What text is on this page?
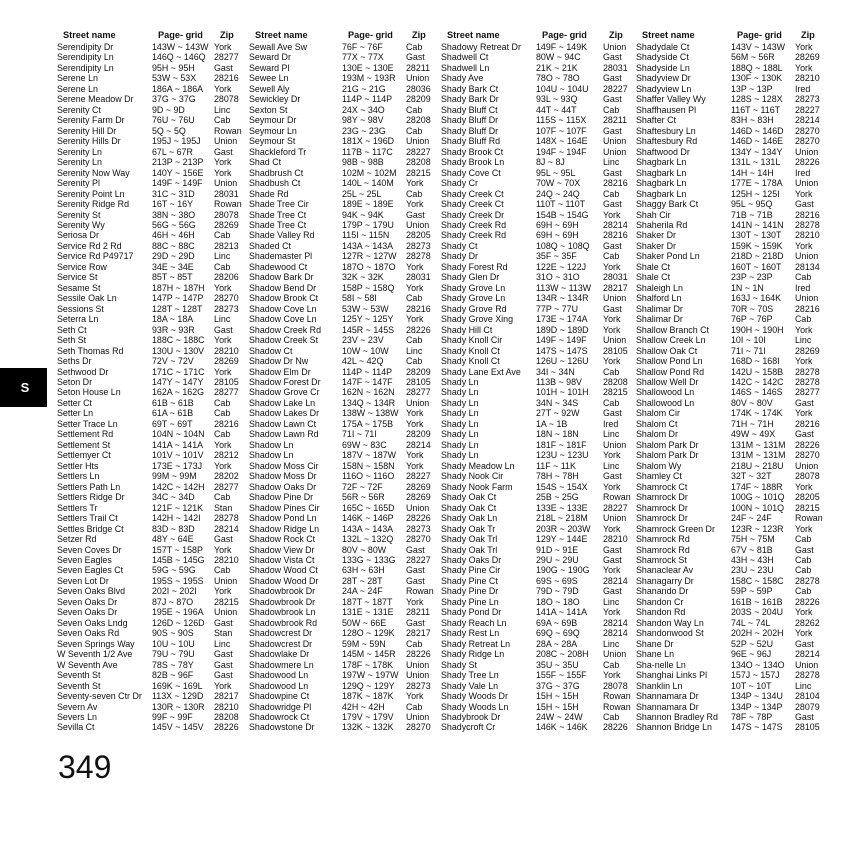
Street name	Page- grid	Zip
Serendipity Dr	143W ~ 143W York
Serendipity Ln	146Q ~ 146Q 28277
Serendipity Ln	95H ~ 95H	Gast
Serene Ln	53W ~ 53X	28216
Serene Ln	186A ~ 186A	York
Serene Meadow Dr	37G ~ 37G	28078
Serenity Ct	9D ~ 9D	Linc
Serenity Farm Dr	76U ~ 76U	Cab
Serenity Hill Dr	5Q ~ 5Q	Rowan
Serenity Hills Dr	195J ~ 195J	Union
Serenity Ln	67L ~ 67R	Gast
Serenity Ln	213P ~ 213P	York
Serenity Now Way	140Y ~ 156E	York
Serenity Pl	149F ~ 149F	Union
Serenity Point Ln	31C ~ 31D	28031
Serenity Ridge Rd	16T ~ 16Y	Rowan
Serenity St	38N ~ 38O	28078
Serenity Wy	56G ~ 56G	28269
Seriosa Dr	46H ~ 46H	Cab
Service Rd 2 Rd	88C ~ 88C	28213
Service Rd P49717	29D ~ 29D	Linc
Service Row	34E ~ 34E	Cab
Service St	85T ~ 85T	28206
Sesame St	187H ~ 187H	York
Sessile Oak Ln	147P ~ 147P	28270
Sessions St	128T ~ 128T	28273
Seterra Ln	18A ~ 18A	Linc
Seth Ct	93R ~ 93R	Gast
Seth St	188C ~ 188C	York
Seth Thomas Rd	130U ~ 130V	28210
Seths Dr	72V ~ 72V	28269
Sethwood Dr	171C ~ 171C	York
Seton Dr	147Y ~ 147Y	28105
Seton House Ln	162A ~ 162G	28277
Setter Ct	61B ~ 61B	Cab
Setter Ln	61A ~ 61B	Cab
Setter Trace Ln	69T ~ 69T	28216
Settlement Rd	104N ~ 104N	Cab
Settlement St	141A ~ 141A	York
Settlemyer Ct	101V ~ 101V	28212
Settler Hts	173E ~ 173J	York
Settlers Ln	99M ~ 99M	28202
Settlers Path Ln	142C ~ 142H	28277
Settlers Ridge Dr	34C ~ 34D	Cab
Settlers Tr	121F ~ 121K	Stan
Settlers Trail Ct	142H ~ 142I	28278
Settles Bridge Ct	83D ~ 83D	28214
Setzer Rd	48Y ~ 64E	Gast
Seven Coves Dr	157T ~ 158P	York
Seven Eagles	145B ~ 145G	28210
Seven Eagles Ct	59G ~ 59G	Cab
Seven Lot Dr	195S ~ 195S	Union
Seven Oaks Blvd	202I ~ 202I	York
Seven Oaks Dr	87J ~ 87O	28215
Seven Oaks Dr	195E ~ 196A	Union
Seven Oaks Lndg	126D ~ 126D	Gast
Seven Oaks Rd	90S ~ 90S	Stan
Seven Springs Way	10U ~ 10U	Linc
W Seventh 1/2 Ave	79U ~ 79U	Gast
W Seventh Ave	78S ~ 78Y	Gast
Seventh St	82B ~ 96F	Gast
Seventh St	169K ~ 169L	York
Seventy-seven Ctr Dr	113X ~ 129D	28217
Severn Av	130R ~ 130R	28210
Severs Ln	99F ~ 99F	28208
Sevilla Ct	145V ~ 145V	28226
Street name	Page- grid	Zip
Sewall Ave Sw	76F ~ 76F	Cab
Seward Dr	77X ~ 77X	Gast
Seward Pl	130E ~ 130E	28211
Sewee Ln	193M ~ 193R	Union
Sewell Aly	21G ~ 21G	28036
Sewickley Dr	114P ~ 114P	28209
Sexton St	24X ~ 34O	Cab
Seymour Dr	98Y ~ 98V	28208
Seymour Ln	23G ~ 23G	Cab
Seymour St	181X ~ 196D	Union
Shackleford Tr	117B ~ 117C	28227
Shad Ct	98B ~ 98B	28208
Shadbrush Ct	102M ~ 102M	28215
Shadbush Ct	140L ~ 140M	York
Shade Rd	25L ~ 25L	Cab
Shade Tree Cir	189E ~ 189E	York
Shade Tree Ct	94K ~ 94K	Gast
Shade Tree Ct	179P ~ 179U	Union
Shade Valley Rd	115I ~ 115N	28205
Shaded Ct	143A ~ 143A	28273
Shademaster Pl	127R ~ 127W	28278
Shadewood Ct	187O ~ 187O	York
Shadow Bark Dr	32K ~ 32K	28031
Shadow Bend Dr	158P ~ 158Q	York
Shadow Brook Ct	58I ~ 58I	Cab
Shadow Cove Ln	53W ~ 53W	28216
Shadow Cove Ln	125Y ~ 125Y	York
Shadow Creek Rd	145R ~ 145S	28226
Shadow Creek St	23V ~ 23V	Cab
Shadow Ct	10W ~ 10W	Linc
Shadow Dr Nw	42L ~ 42Q	Cab
Shadow Elm Dr	114P ~ 114P	28209
Shadow Forest Dr	147F ~ 147F	28105
Shadow Grove Cr	162N ~ 162N	28277
Shadow Lake Ln	134Q ~ 134R	Union
Shadow Lakes Dr	138W ~ 138W York
Shadow Lawn Ct	175A ~ 175B	York
Shadow Lawn Rd	71I ~ 71I	28209
Shadow Ln	69W ~ 83C	28214
Shadow Ln	187V ~ 187W	York
Shadow Moss Cir	158N ~ 158N	York
Shadow Moss Dr	116O ~ 116O	28227
Shadow Oaks Dr	72F ~ 72F	28269
Shadow Pine Dr	56R ~ 56R	28269
Shadow Pines Cir	165C ~ 165D	Union
Shadow Pond Ln	146K ~ 146P	28226
Shadow Ridge Ln	143A ~ 143A	28273
Shadow Rock Ct	132L ~ 132Q	28270
Shadow View Dr	80V ~ 80W	Gast
Shadow Vista Ct	133G ~ 133G	28227
Shadow Wood Ct	63H ~ 63H	Gast
Shadow Wood Dr	28T ~ 28T	Gast
Shadowbrook Dr	24A ~ 24F	Rowan
Shadowbrook Dr	187T ~ 187T	York
Shadowbrook Ln	131E ~ 131E	28211
Shadowbrook Rd	50W ~ 66E	Gast
Shadowcrest Dr	128O ~ 129K	28217
Shadowcrest Dr	59M ~ 59N	Cab
Shadowlake Dr	145M ~ 145R	28226
Shadowmere Ln	178F ~ 178K	Union
Shadowood Ln	197W ~ 197W Union
Shadowood Ln	129Q ~ 129Y	28273
Shadowpine Ct	187K ~ 187K	York
Shadowridge Pl	42H ~ 42H	Cab
Shadowrock Ct	179V ~ 179V	Union
Shadowstone Dr	132K ~ 132K	28270
Street name	Page- grid	Zip
Shadowy Retreat Dr	149F ~ 149K	Union
Shadwell Ct	80W ~ 94C	Gast
Shadwell Ln	21K ~ 21K	28031
Shady Ave	78O ~ 78O	Gast
Shady Bark Ct	104U ~ 104U	28227
Shady Bark Dr	93L ~ 93Q	Gast
Shady Bluff Ct	44T ~ 44T	Cab
Shady Bluff Dr	115S ~ 115X	28211
Shady Bluff Dr	107F ~ 107F	Gast
Shady Bluff Rd	148X ~ 164E	Union
Shady Brook Ct	194F ~ 194F	Union
Shady Brook Ln	8J ~ 8J	Linc
Shady Cove Ct	95L ~ 95L	Gast
Shady Cr	70W ~ 70X	28216
Shady Creek Ct	24Q ~ 24Q	Cab
Shady Creek Ct	110T ~ 110T	Gast
Shady Creek Dr	154B ~ 154G	York
Shady Creek Rd	69H ~ 69H	28214
Shady Creek Rd	69H ~ 69H	28216
Shady Ct	108Q ~ 108Q	Gast
Shady Dr	35F ~ 35F	Cab
Shady Forest Rd	122E ~ 122J	York
Shady Glen Dr	31O ~ 31O	28031
Shady Grove Ln	113W ~ 113W	28217
Shady Grove Ln	134R ~ 134R	Union
Shady Grove Rd	77P ~ 77U	Gast
Shady Grove Xing	173E ~ 174A	York
Shady Hill Ct	189D ~ 189D	York
Shady Knoll Cir	149F ~ 149F	Union
Shady Knoll Ct	147S ~ 147S	28105
Shady Knoll Ct	126U ~ 126U	York
Shady Lane Ext Ave	34I ~ 34N	Cab
Shady Ln	113B ~ 98V	28208
Shady Ln	101H ~ 101H	28215
Shady Ln	34N ~ 34S	Cab
Shady Ln	27T ~ 92W	Gast
Shady Ln	1A ~ 1B	Ired
Shady Ln	18N ~ 18N	Linc
Shady Ln	181F ~ 181F	Union
Shady Ln	123U ~ 123U	York
Shady Meadow Ln	11F ~ 11K	Linc
Shady Nook Cir	78H ~ 78H	Gast
Shady Nook Farm	154S ~ 154X	York
Shady Oak Ct	25B ~ 25G	Rowan
Shady Oak Ct	133E ~ 133E	28227
Shady Oak Ln	218L ~ 218M	Union
Shady Oak Tr	203R ~ 203W	York
Shady Oak Trl	129Y ~ 144E	28210
Shady Oak Trl	91D ~ 91E	Gast
Shady Oaks Dr	29U ~ 29U	Gast
Shady Pine Cir	190G ~ 190G	York
Shady Pine Ct	69S ~ 69S	28214
Shady Pine Dr	79D ~ 79D	Gast
Shady Pine Ln	18O ~ 18O	Linc
Shady Pond Dr	141A ~ 141A	York
Shady Reach Ln	69A ~ 69B	28214
Shady Rest Ln	69Q ~ 69Q	28214
Shady Retreat Ln	28A ~ 28A	Linc
Shady Ridge Ln	208C ~ 208H	Union
Shady St	35U ~ 35U	Cab
Shady Tree Ln	155F ~ 155F	York
Shady Vale Ln	37G ~ 37G	28078
Shady Woods Dr	15H ~ 15H	Rowan
Shady Woods Ln	15H ~ 15H	Rowan
Shadybrook Dr	24W ~ 24W	Cab
Shadycroft Cr	146K ~ 146K	28226
Street name	Page- grid	Zip
Shadydale Ct	143V ~ 143W	York
Shadyside Ct	56M ~ 56R	28269
Shadyside Ln	188Q ~ 188L	York
Shadyview Dr	130F ~ 130K	28210
Shadyview Ln	13P ~ 13P	Ired
Shaffer Valley Wy	128S ~ 128X	28273
Shaffhausen Pl	116T ~ 116T	28227
Shafter Ct	83H ~ 83H	28214
Shaftesbury Ln	146D ~ 146D	28270
Shaftesbury Rd	146D ~ 146E	28270
Shaftwood Dr	134Y ~ 134Y	Union
Shagbark Ln	131L ~ 131L	28226
Shagbark Ln	14H ~ 14H	Ired
Shagbark Ln	177E ~ 178A	Union
Shagbark Ln	125H ~ 125I	York
Shaggy Bark Ct	95L ~ 95Q	Gast
Shah Cir	71B ~ 71B	28216
Shaherila Rd	141N ~ 141N	28278
Shaker Dr	130T ~ 130T	28210
Shaker Dr	159K ~ 159K	York
Shaker Pond Ln	218D ~ 218D	Union
Shale Ct	160T ~ 160T	28134
Shale Ct	23P ~ 23P	Cab
Shaleigh Ln	1N ~ 1N	Ired
Shalford Ln	163J ~ 164K	Union
Shalimar Dr	70R ~ 70S	28216
Shalimar Dr	76P ~ 76P	Cab
Shallow Branch Ct	190H ~ 190H	York
Shallow Creek Ln	10I ~ 10I	Linc
Shallow Oak Ct	71I ~ 71I	28269
Shallow Pond Ln	168D ~ 168I	York
Shallow Pond Rd	142U ~ 158B	28278
Shallow Well Dr	142C ~ 142C	28278
Shallowood Ln	146S ~ 146S	28277
Shallowood Ln	80V ~ 80V	Gast
Shalom Cir	174K ~ 174K	York
Shalom Ct	71H ~ 71H	28216
Shalom Dr	49W ~ 49X	Gast
Shalom Park Dr	131M ~ 131M	28226
Shalom Park Dr	131M ~ 131M	28270
Shalom Wy	218U ~ 218U	Union
Shamley Ct	32T ~ 32T	28078
Shamrock Ct	174F ~ 188R	York
Shamrock Dr	100G ~ 101Q	28205
Shamrock Dr	100N ~ 101Q	28215
Shamrock Dr	24F ~ 24F	Rowan
Shamrock Green Dr	123R ~ 123R	York
Shamrock Rd	75H ~ 75M	Cab
Shamrock Rd	67V ~ 81B	Gast
Shamrock St	43H ~ 43H	Cab
Shanaclear Av	23U ~ 23U	Cab
Shanagarry Dr	158C ~ 158C	28278
Shanando Dr	59P ~ 59P	Cab
Shandon Cr	161B ~ 161B	28226
Shandon Rd	203S ~ 204U	York
Shandon Way Ln	74L ~ 74L	28262
Shandonwood St	202H ~ 202H	York
Shane Dr	52P ~ 52U	Gast
Shane Ln	96E ~ 96J	28214
Sha-nelle Ln	134O ~ 134O	Union
Shanghai Links Pl	157J ~ 157J	28278
Shanklin Ln	10T ~ 10T	Linc
Shannamara Dr	134P ~ 134U	28104
Shannamara Dr	134P ~ 134P	28079
Shannon Bradley Rd	78F ~ 78P	Gast
Shannon Bridge Ln	147S ~ 147S	28105
S
349
